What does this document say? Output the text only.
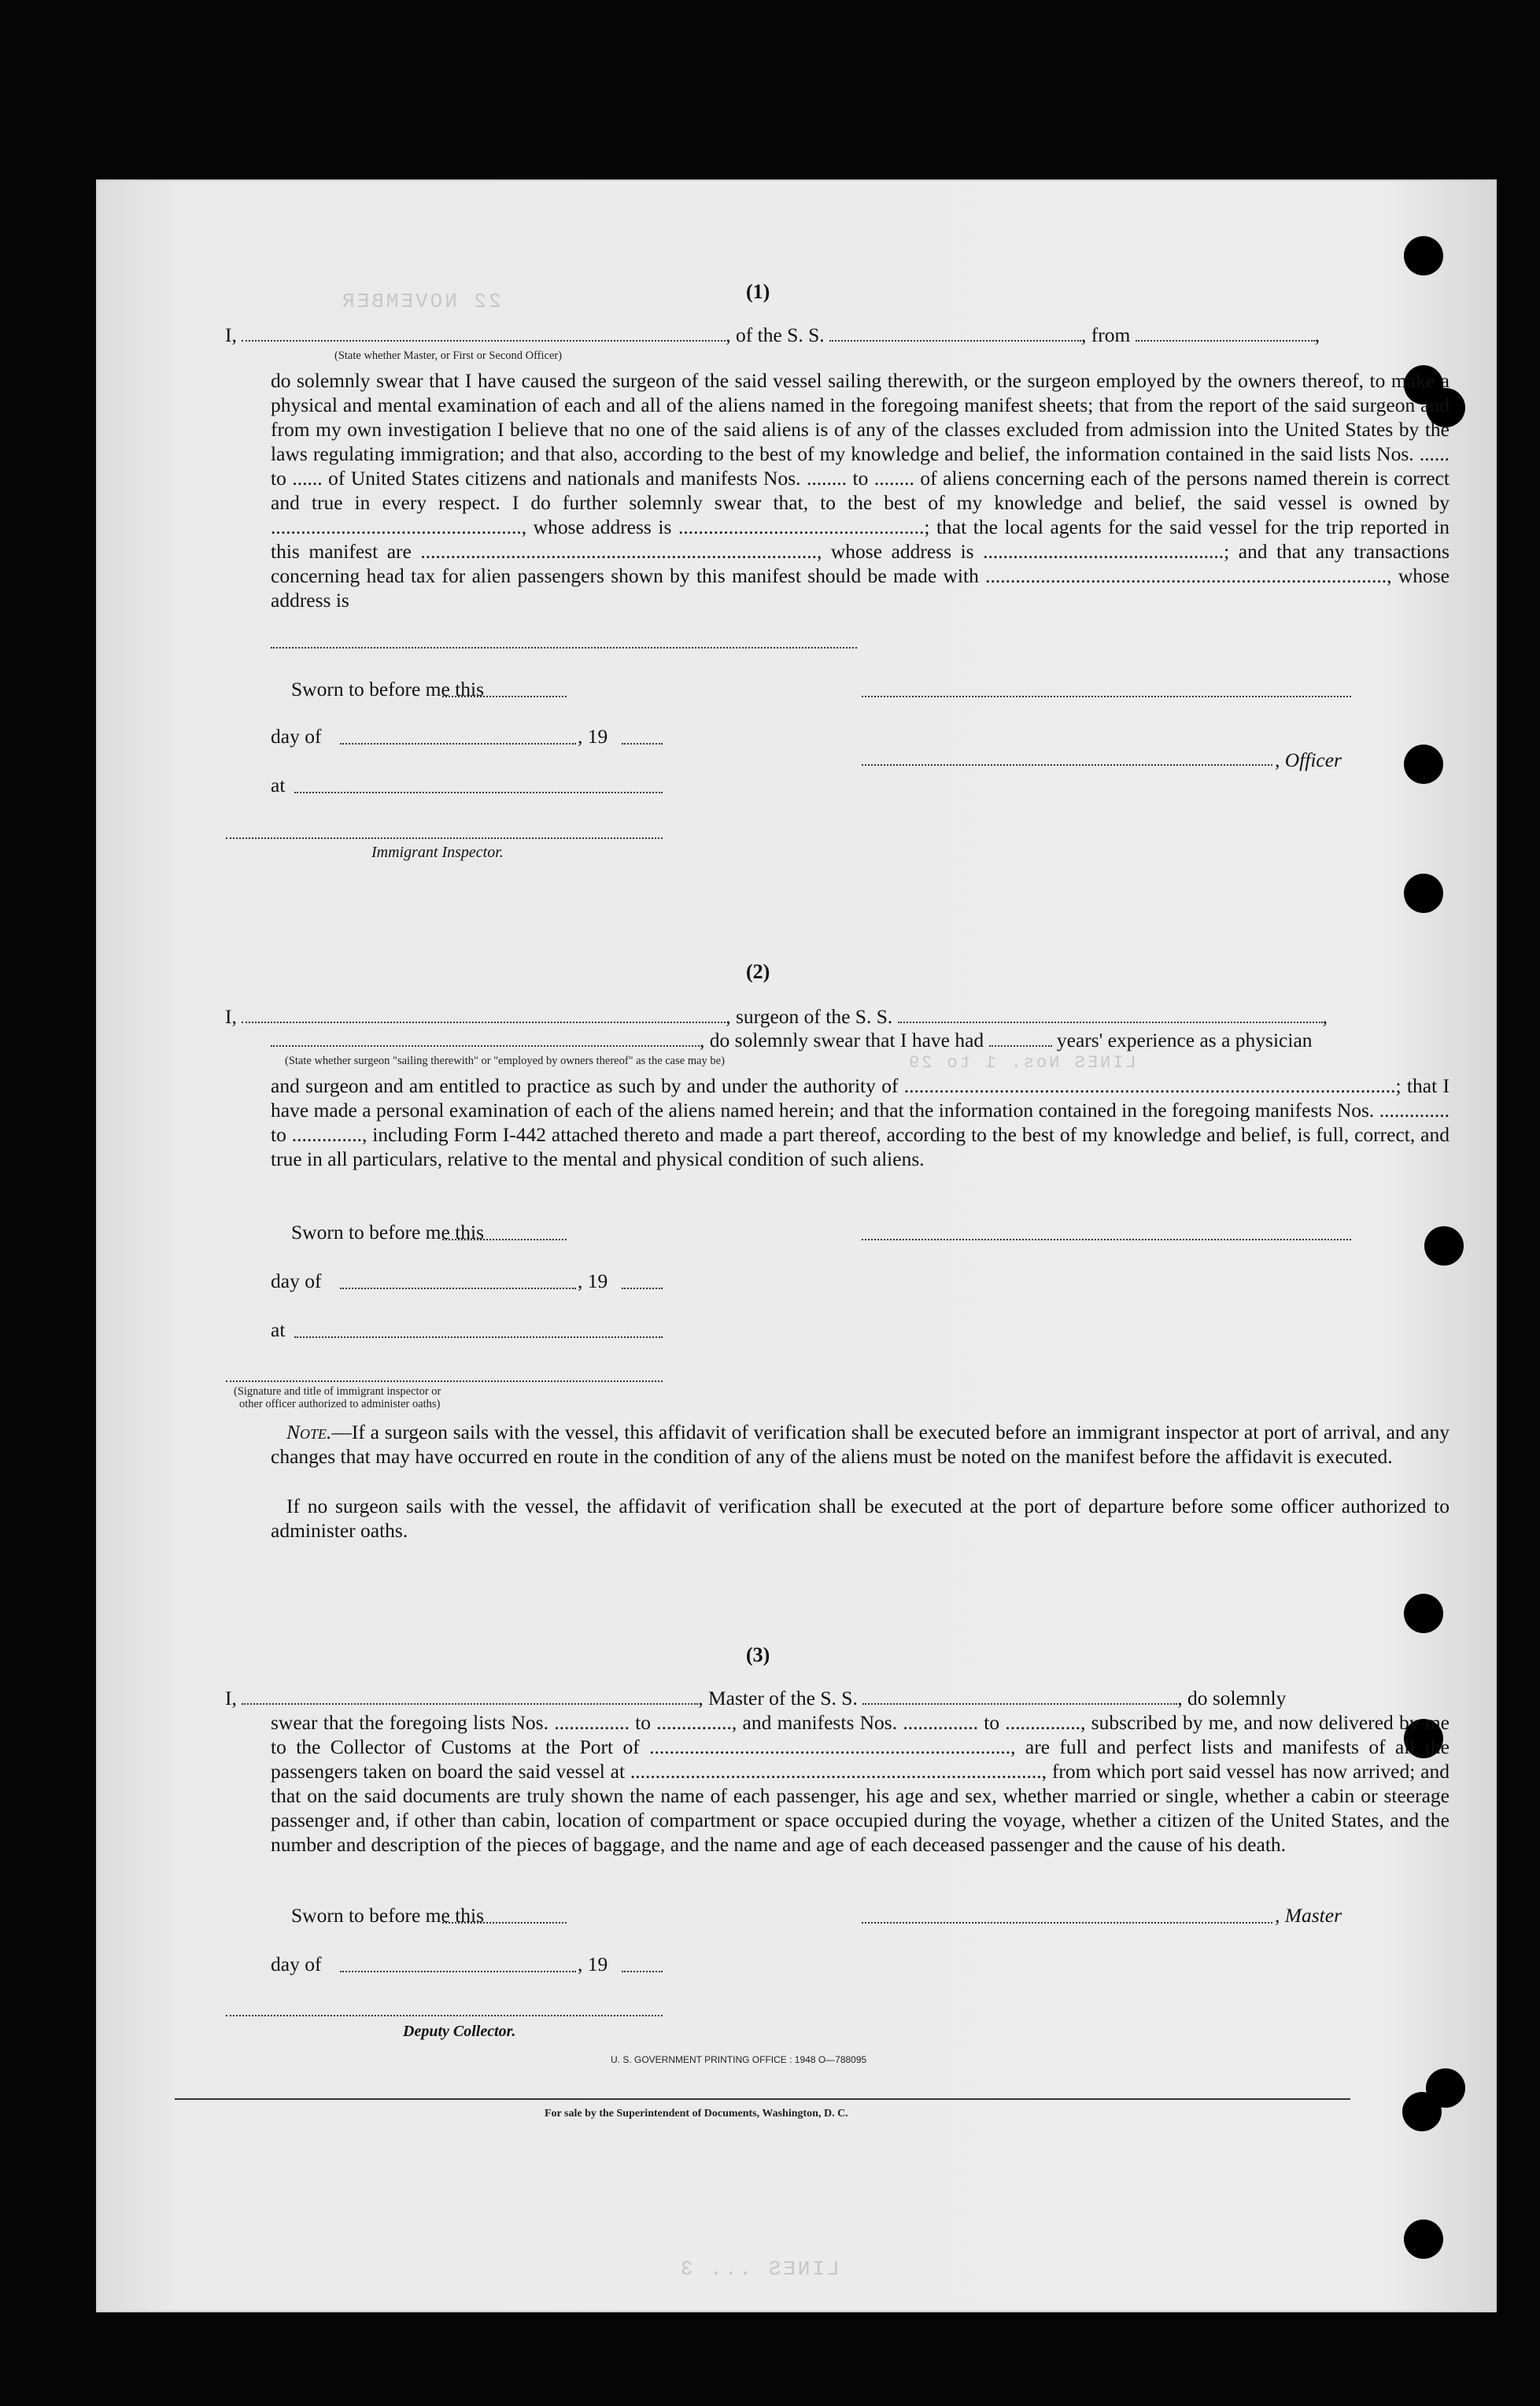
22 NOVEMBER
LINES Nos. 1 to 29
LINES ... 3
(1)
I,	, of the S. S.	, from	,
(State whether Master, or First or Second Officer)
do solemnly swear that I have caused the surgeon of the said vessel sailing therewith, or the surgeon employed by the owners thereof, to make a physical and mental examination of each and all of the aliens named in the foregoing manifest sheets; that from the report of the said surgeon and from my own investigation I believe that no one of the said aliens is of any of the classes excluded from admission into the United States by the laws regulating immigration; and that also, according to the best of my knowledge and belief, the information contained in the said lists Nos. ...... to ...... of United States citizens and nationals and manifests Nos. ........ to ........ of aliens concerning each of the persons named therein is correct and true in every respect. I do further solemnly swear that, to the best of my knowledge and belief, the said vessel is owned by .................................................., whose address is .................................................; that the local agents for the said vessel for the trip reported in this manifest are ..............................................................................., whose address is ................................................; and that any transactions concerning head tax for alien passengers shown by this manifest should be made with ................................................................................, whose address is
Sworn to before me this
day of	, 19
, Officer
at
Immigrant Inspector.
(2)
I,	, surgeon of the S. S.	,
, do solemnly swear that I have had	years' experience as a physician
(State whether surgeon "sailing therewith" or "employed by owners thereof" as the case may be)
and surgeon and am entitled to practice as such by and under the authority of ..................................................................................................; that I have made a personal examination of each of the aliens named herein; and that the information contained in the foregoing manifests Nos. .............. to .............., including Form I-442 attached thereto and made a part thereof, according to the best of my knowledge and belief, is full, correct, and true in all particulars, relative to the mental and physical condition of such aliens.
Sworn to before me this
day of	, 19
at
(Signature and title of immigrant inspector or
other officer authorized to administer oaths)
Note.—If a surgeon sails with the vessel, this affidavit of verification shall be executed before an immigrant inspector at port of arrival, and any changes that may have occurred en route in the condition of any of the aliens must be noted on the manifest before the affidavit is executed.
If no surgeon sails with the vessel, the affidavit of verification shall be executed at the port of departure before some officer authorized to administer oaths.
(3)
I,	, Master of the S. S.	, do solemnly
swear that the foregoing lists Nos. ............... to ..............., and manifests Nos. ............... to ..............., subscribed by me, and now delivered by me to the Collector of Customs at the Port of ........................................................................, are full and perfect lists and manifests of all the passengers taken on board the said vessel at .................................................................................., from which port said vessel has now arrived; and that on the said documents are truly shown the name of each passenger, his age and sex, whether married or single, whether a cabin or steerage passenger and, if other than cabin, location of compartment or space occupied during the voyage, whether a citizen of the United States, and the number and description of the pieces of baggage, and the name and age of each deceased passenger and the cause of his death.
Sworn to before me this	, Master
day of	, 19
Deputy Collector.
U. S. GOVERNMENT PRINTING OFFICE : 1948 O—788095
For sale by the Superintendent of Documents, Washington, D. C.
